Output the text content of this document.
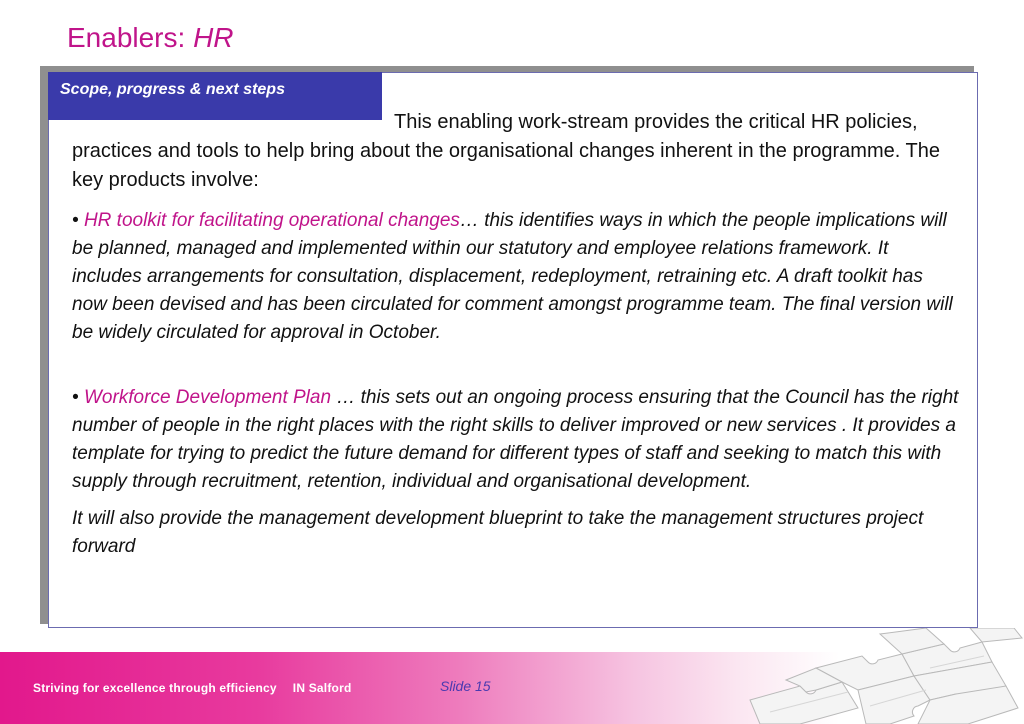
Enablers: HR
Scope, progress & next steps

This enabling work-stream provides the critical HR policies, practices and tools to help bring about the organisational changes inherent in the programme. The key products involve:

• HR toolkit for facilitating operational changes… this identifies ways in which the people implications will be planned, managed and implemented within our statutory and employee relations framework. It includes arrangements for consultation, displacement, redeployment, retraining etc. A draft toolkit has now been devised and has been circulated for comment amongst programme team. The final version will be widely circulated for approval in October.

• Workforce Development Plan … this sets out an ongoing process ensuring that the Council has the right number of people in the right places with the right skills to deliver improved or new services . It provides a template for trying to predict the future demand for different types of staff and seeking to match this with supply through recruitment, retention, individual and organisational development.

It will also provide the management development blueprint to take the management structures project forward

Striving for excellence through efficiency IN Salford	Slide 15
